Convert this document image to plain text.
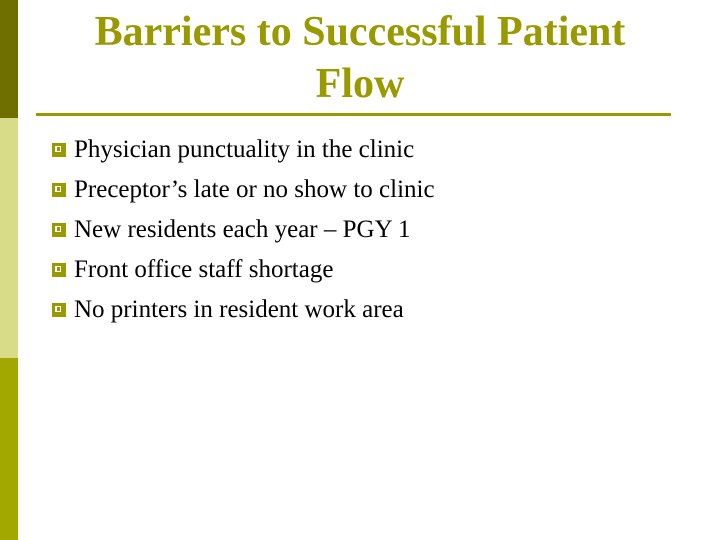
Barriers to Successful Patient
Flow
Physician punctuality in the clinic
Preceptor’s late or no show to clinic
New residents each year – PGY 1
Front office staff shortage
No printers in resident work area
